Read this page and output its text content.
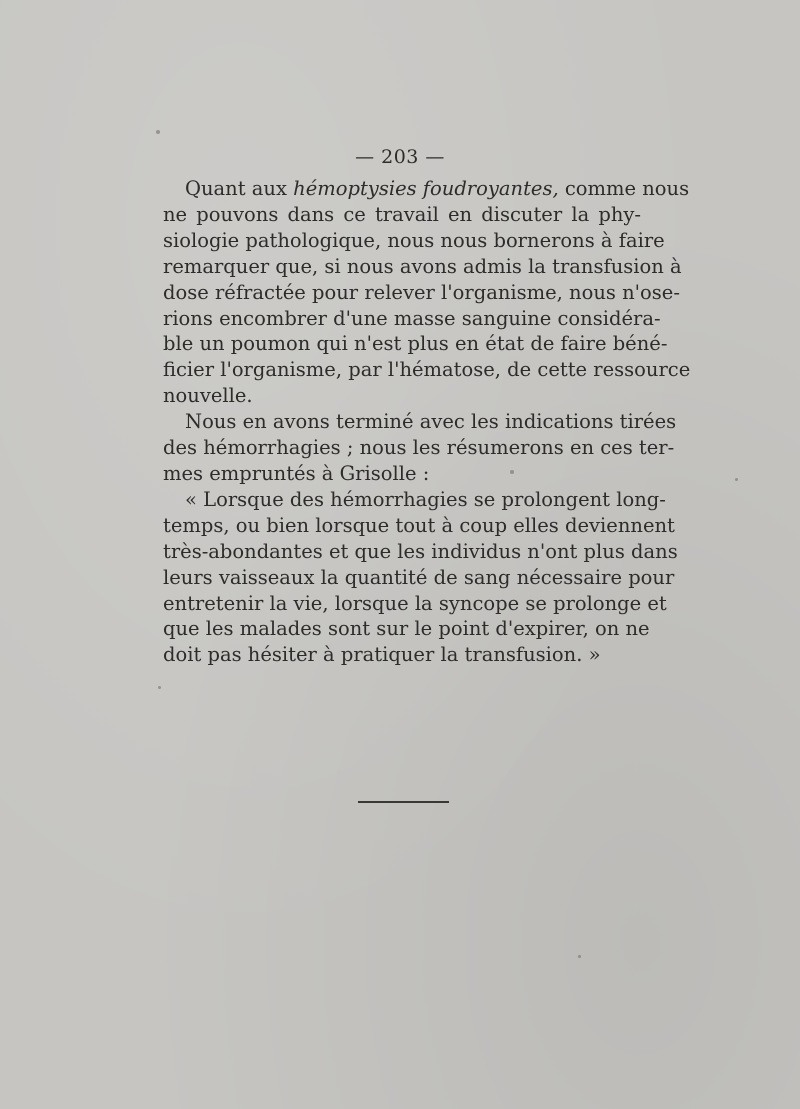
— 203 —
Quant aux hémoptysies foudroyantes, comme nous
ne pouvons dans ce travail en discuter la phy-
siologie pathologique, nous nous bornerons à faire
remarquer que, si nous avons admis la transfusion à
dose réfractée pour relever l'organisme, nous n'ose-
rions encombrer d'une masse sanguine considéra-
ble un poumon qui n'est plus en état de faire béné-
ficier l'organisme, par l'hématose, de cette ressource
nouvelle.
Nous en avons terminé avec les indications tirées
des hémorrhagies ; nous les résumerons en ces ter-
mes empruntés à Grisolle :
« Lorsque des hémorrhagies se prolongent long-
temps, ou bien lorsque tout à coup elles deviennent
très-abondantes et que les individus n'ont plus dans
leurs vaisseaux la quantité de sang nécessaire pour
entretenir la vie, lorsque la syncope se prolonge et
que les malades sont sur le point d'expirer, on ne
doit pas hésiter à pratiquer la transfusion. »
